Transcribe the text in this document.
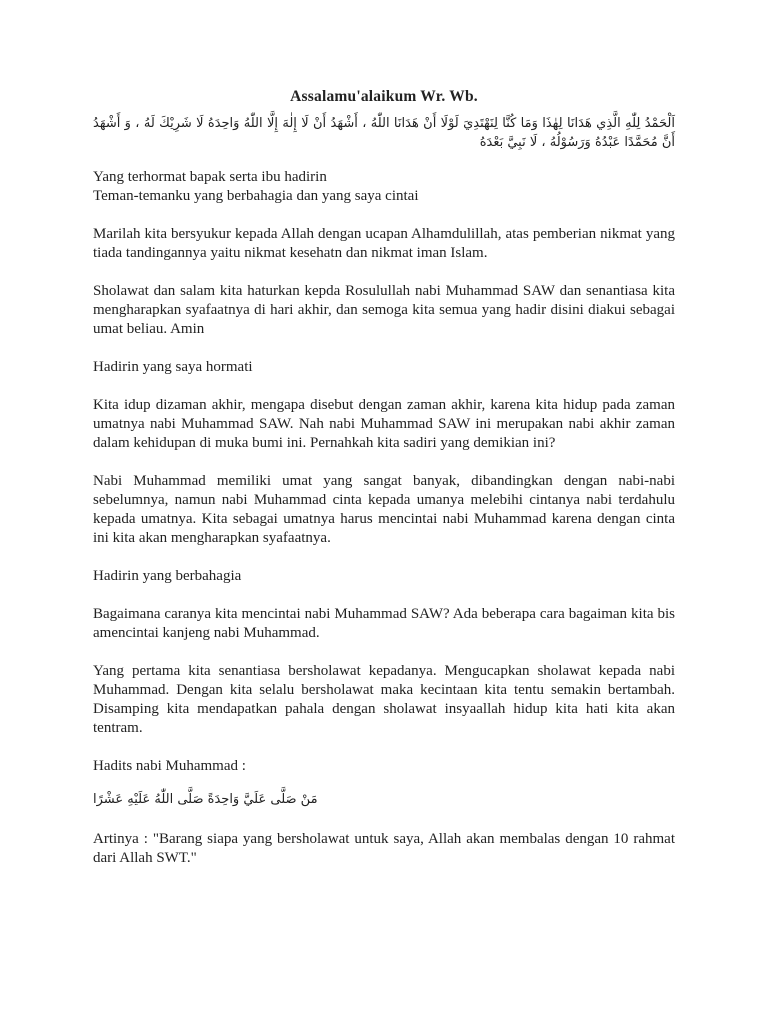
Assalamu'alaikum Wr. Wb.
اَلْحَمْدُ لِلّٰهِ الَّذِي هَدَانَا لِهٰذَا وَمَا كُنَّا لِنَهْتَدِيَ لَوْلَا أَنْ هَدَانَا اللّٰهُ ، أَشْهَدُ أَنْ لَا إِلٰهَ إِلَّا اللّٰهُ وَاحِدَهُ لَا شَرِيْكَ لَهُ ، وَ أَشْهَدُ أَنَّ مُحَمَّدًا عَبْدُهُ وَرَسُوْلُهُ ، لَا نَبِيَّ بَعْدَهُ
Yang terhormat bapak serta ibu hadirin
Teman-temanku yang berbahagia dan yang saya cintai
Marilah kita bersyukur kepada Allah dengan ucapan Alhamdulillah, atas pemberian nikmat yang tiada tandingannya yaitu nikmat kesehatn dan nikmat iman Islam.
Sholawat dan salam kita haturkan kepda Rosulullah nabi Muhammad SAW dan senantiasa kita mengharapkan syafaatnya di hari akhir, dan semoga kita semua yang hadir disini diakui sebagai umat beliau. Amin
Hadirin yang saya hormati
Kita idup dizaman akhir, mengapa disebut dengan zaman akhir, karena kita hidup pada zaman umatnya nabi Muhammad SAW. Nah nabi Muhammad SAW ini merupakan nabi akhir zaman dalam kehidupan di muka bumi ini. Pernahkah kita sadiri yang demikian ini?
Nabi Muhammad memiliki umat yang sangat banyak, dibandingkan dengan nabi-nabi sebelumnya, namun nabi Muhammad cinta kepada umanya melebihi cintanya nabi terdahulu kepada umatnya. Kita sebagai umatnya harus mencintai nabi Muhammad karena dengan cinta ini kita akan mengharapkan syafaatnya.
Hadirin yang berbahagia
Bagaimana caranya kita mencintai nabi Muhammad SAW? Ada beberapa cara bagaiman kita bis amencintai kanjeng nabi Muhammad.
Yang pertama kita senantiasa bersholawat kepadanya. Mengucapkan sholawat kepada nabi Muhammad. Dengan kita selalu bersholawat maka kecintaan kita tentu semakin bertambah. Disamping kita mendapatkan pahala dengan sholawat insyaallah hidup kita hati kita akan tentram.
Hadits nabi Muhammad :
مَنْ صَلَّى عَلَيَّ وَاحِدَةً صَلَّى اللّٰهُ عَلَيْهِ عَشْرًا
Artinya : "Barang siapa yang bersholawat untuk saya, Allah akan membalas dengan 10 rahmat dari Allah SWT."
